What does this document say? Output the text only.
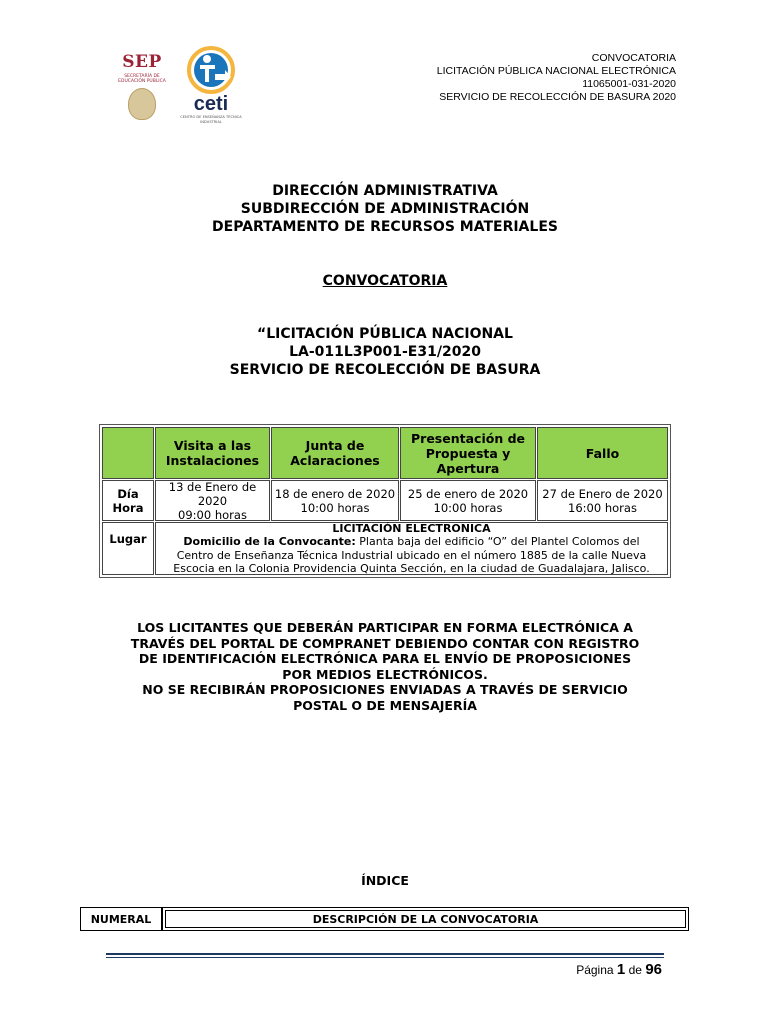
SEP
SECRETARÍA DE EDUCACIÓN PÚBLICA
ceti
CENTRO DE ENSEÑANZA TÉCNICA INDUSTRIAL
CONVOCATORIA
LICITACIÓN PÚBLICA NACIONAL ELECTRÓNICA
11065001-031-2020
SERVICIO DE RECOLECCIÓN DE BASURA 2020
DIRECCIÓN ADMINISTRATIVA
SUBDIRECCIÓN DE ADMINISTRACIÓN
DEPARTAMENTO DE RECURSOS MATERIALES
CONVOCATORIA
“LICITACIÓN PÚBLICA NACIONAL
LA-011L3P001-E31/2020
SERVICIO DE RECOLECCIÓN DE BASURA
Visita a las Instalaciones
Junta de Aclaraciones
Presentación de Propuesta y Apertura
Fallo
Día
Hora
13 de Enero de
2020
09:00 horas
18 de enero de 2020
10:00 horas
25 de enero de 2020
10:00 horas
27 de Enero de 2020
16:00 horas
Lugar
LICITACIÓN ELECTRONICA
Domicilio de la Convocante: Planta baja del edificio “O” del Plantel Colomos del
Centro de Enseñanza Técnica Industrial ubicado en el número 1885 de la calle Nueva
Escocia en la Colonia Providencia Quinta Sección, en la ciudad de Guadalajara, Jalisco.
LOS LICITANTES QUE DEBERÁN PARTICIPAR EN FORMA ELECTRÓNICA A
TRAVÉS DEL PORTAL DE COMPRANET DEBIENDO CONTAR CON REGISTRO
DE IDENTIFICACIÓN ELECTRÓNICA PARA EL ENVÍO DE PROPOSICIONES
POR MEDIOS ELECTRÓNICOS.
NO SE RECIBIRÁN PROPOSICIONES ENVIADAS A TRAVÉS DE SERVICIO
POSTAL O DE MENSAJERÍA
ÍNDICE
NUMERAL	DESCRIPCIÓN DE LA CONVOCATORIA
Página 1 de 96
